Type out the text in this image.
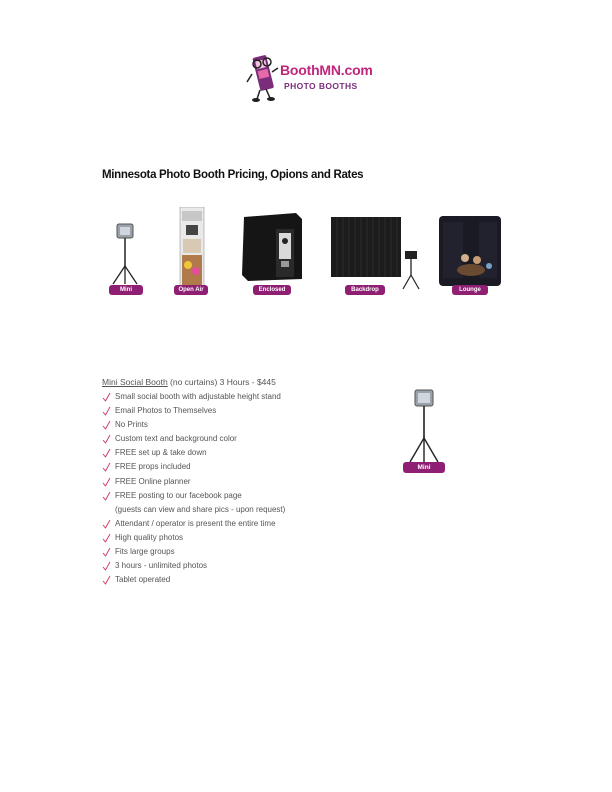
BoothMN.com
PHOTO BOOTHS
Minnesota Photo Booth Pricing, Opions and Rates
Mini	Open Air	Enclosed	Backdrop	Lounge
Mini Social Booth (no curtains) 3 Hours - $445
Small social booth with adjustable height stand
Email Photos to Themselves
No Prints
Custom text and background color
FREE set up & take down
FREE props included
FREE Online planner
FREE posting to our facebook page
(guests can view and share pics - upon request)
Attendant / operator is present the entire time
High quality photos
Fits large groups
3 hours - unlimited photos
Tablet operated
Mini
